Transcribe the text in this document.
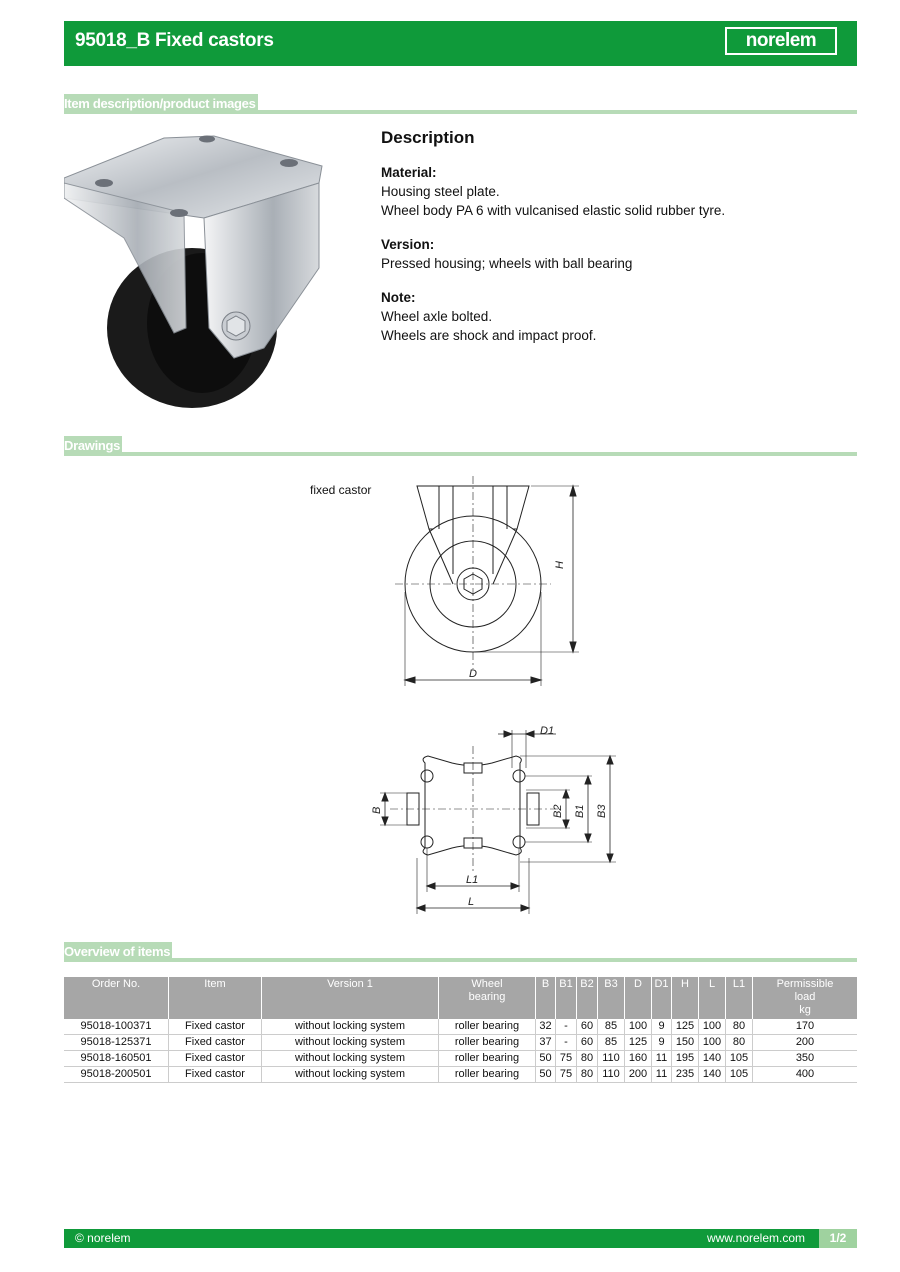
95018_B Fixed castors	norelem
Item description/product images
Description
Material:
Housing steel plate.
Wheel body PA 6 with vulcanised elastic solid rubber tyre.
Version:
Pressed housing; wheels with ball bearing
Note:
Wheel axle bolted.
Wheels are shock and impact proof.
Drawings
fixed castor
H
D
D1
B	B2 B1 B3
L1
L
Overview of items
Order No.	Item	Version 1	Wheel
bearing	B	B1	B2	B3	D	D1	H	L	L1	Permissible
load
kg
95018-100371	Fixed castor	without locking system	roller bearing	32	-	60	85	100	9	125	100	80	170
95018-125371	Fixed castor	without locking system	roller bearing	37	-	60	85	125	9	150	100	80	200
95018-160501	Fixed castor	without locking system	roller bearing	50	75	80	110	160	11	195	140	105	350
95018-200501	Fixed castor	without locking system	roller bearing	50	75	80	110	200	11	235	140	105	400
© norelem	www.norelem.com	1/2
